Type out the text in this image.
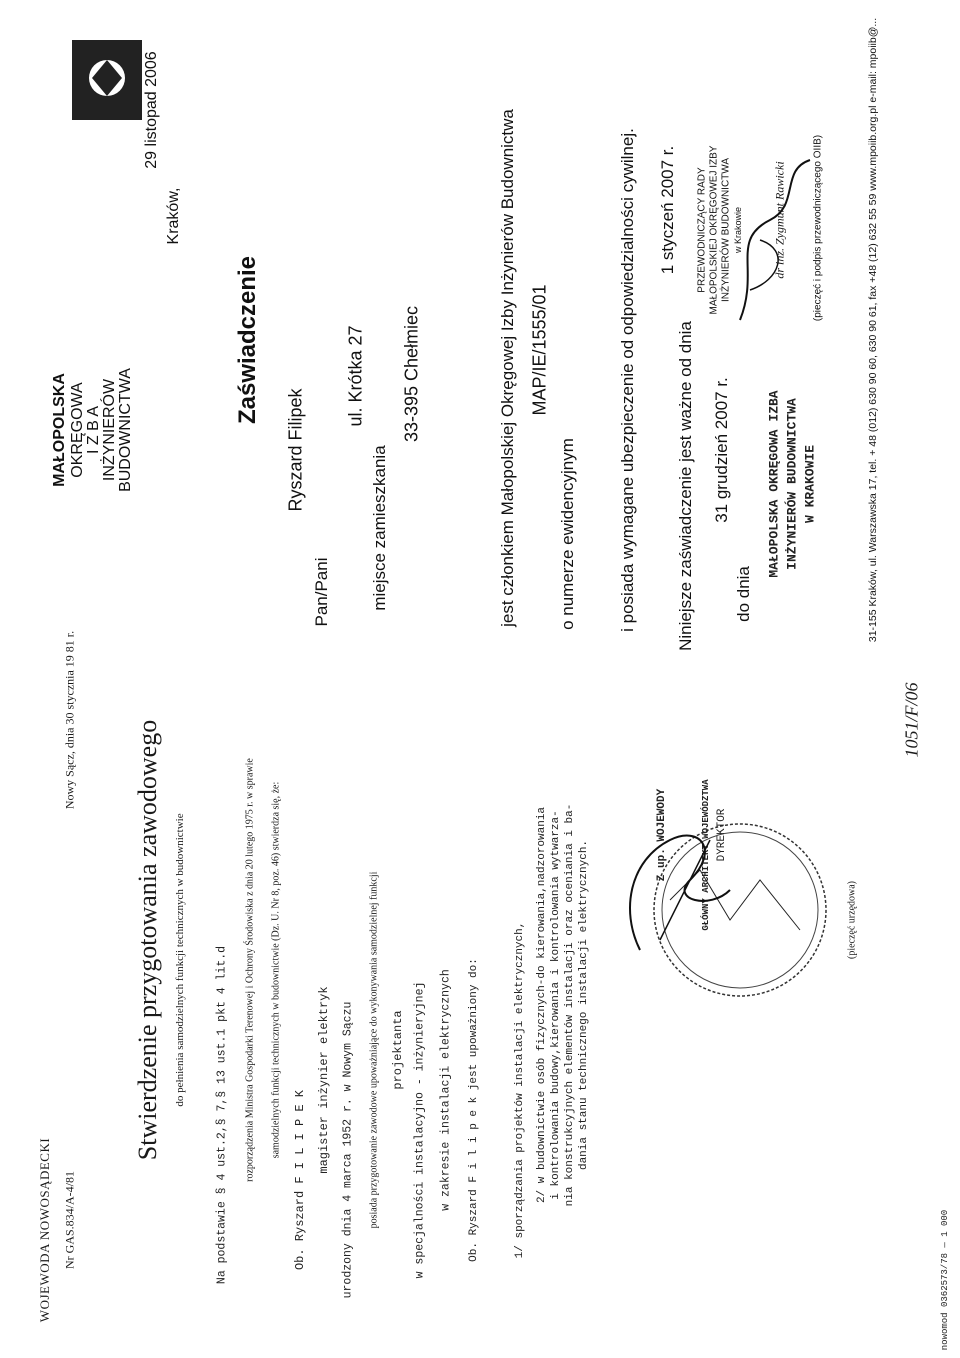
WOJEWODA NOWOSĄDECKI Nr GAS.834/A-4/81
Nowy Sącz, dnia 30 stycznia 19 81 r. Stwierdzenie przygotowania zawodowego do pełnienia samodzielnych funkcji technicznych w budownictwie	Na podstawie § 4 ust.2,§ 7,§ 13 ust.1 pkt 4 lit.d rozporządzenia Ministra Gospodarki Terenowej i Ochrony Środowiska z dnia 20 lutego 1975 r. w sprawie samodzielnych funkcji technicznych w budownictwie (Dz. U. Nr 8, poz. 46) stwierdza się, że:
Ob. Ryszard F I L I P E K
magister inżynier elektryk urodzony dnia 4 marca 1952 r. w Nowym Sączu posiada przygotowanie zawodowe upoważniające do wykonywania samodzielnej funkcji projektanta w specjalności instalacyjno - inżynieryjnej w zakresie instalacji elektrycznych Ob. Ryszard F i l i p e k jest upoważniony do:	1/ sporządzania projektów instalacji elektrycznych, 2/ w budownictwie osób fizycznych-do kierowania,nadzorowania i kontrolowania budowy,kierowania i kontrolowania wytwarza- nia konstrukcyjnych elementów instalacji oraz oceniania i ba- dania stanu technicznego instalacji elektrycznych.	(pieczęć urzędowa)
Z up. WOJEWODY	GŁÓWNY ARCHITEKT WOJEWÓDZTWA DYREKTOR
1051/F/06
nowomod 0362573/78 — 1 000
31-155 Kraków, ul. Warszawska 17, tel. + 48 (012) 630 90 60, 630 90 61, fax +48 (12) 632 55 59 www.mpoiib.org.pl e-mail: mpoiib@...
MAŁOPOLSKA OKRĘGOWA I Z B A INŻYNIERÓW BUDOWNICTWA
Kraków,
29 listopad 2006
Zaświadczenie
Pan/Pani
Ryszard Filipek	miejsce zamieszkania
ul. Krótka 27 33-395 Chełmiec	jest członkiem Małopolskiej Okręgowej Izby Inżynierów Budownictwa o numerze ewidencyjnym
MAP/IE/1555/01	i posiada wymagane ubezpieczenie od odpowiedzialności cywilnej. Niniejsze zaświadczenie jest ważne od dnia
1 styczeń 2007 r.
do dnia
31 grudzień 2007 r.	MAŁOPOLSKA OKRĘGOWA IZBA INŻYNIERÓW BUDOWNICTWA W KRAKOWIE
PRZEWODNICZĄCY RADY MAŁOPOLSKIEJ OKRĘGOWEJ IZBY INŻYNIERÓW BUDOWNICTWA w Krakowie dr inż. Zygmunt Rawicki	(pieczęć i podpis przewodniczącego OIIB)
